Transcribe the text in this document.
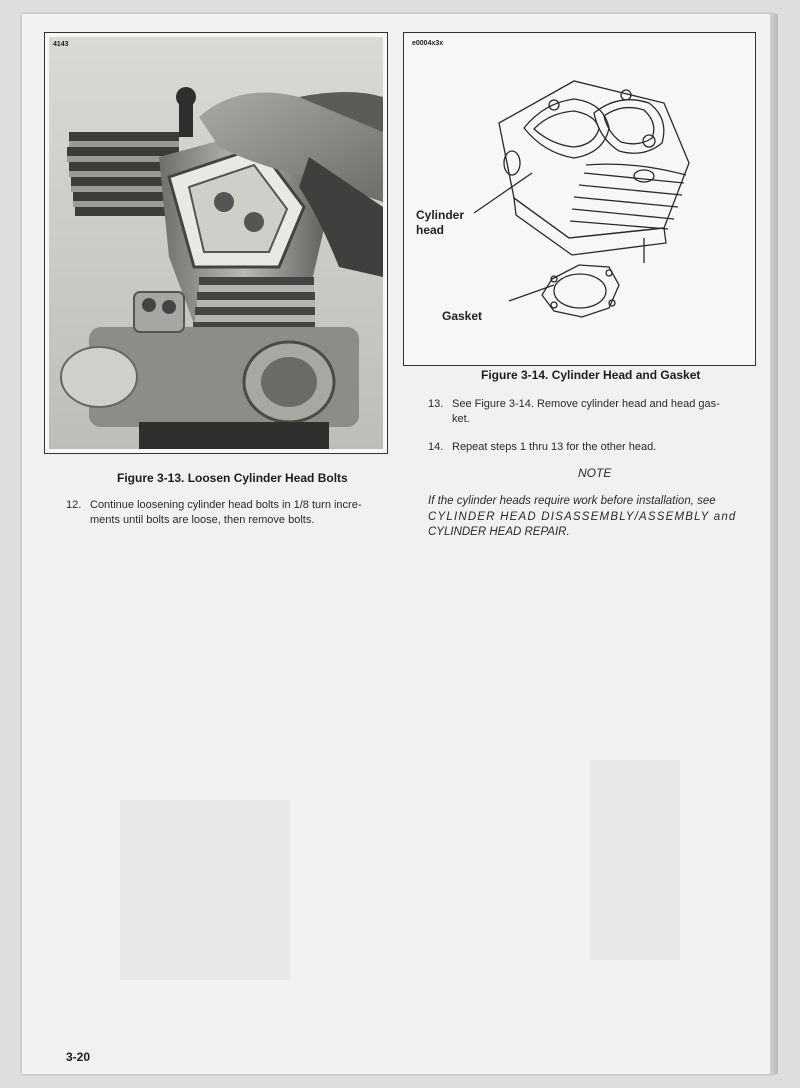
4143
Figure 3-13. Loosen Cylinder Head Bolts
e0004x3x
Cylinder
head
Gasket
Figure 3-14. Cylinder Head and Gasket
12. Continue loosening cylinder head bolts in 1/8 turn incre-
ments until bolts are loose, then remove bolts.
13. See Figure 3-14. Remove cylinder head and head gas-
ket.
14. Repeat steps 1 thru 13 for the other head.
NOTE
If the cylinder heads require work before installation, see
CYLINDER HEAD DISASSEMBLY/ASSEMBLY and
CYLINDER HEAD REPAIR.
3-20
